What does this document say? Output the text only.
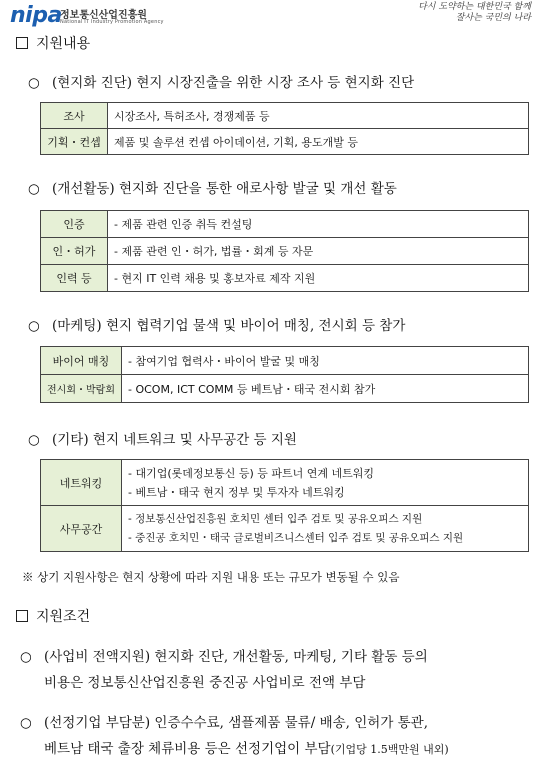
nipa
정보통신산업진흥원
National IT Industry Promotion Agency
다시 도약하는 대한민국 함께 잘사는 국민의 나라
지원내용
○ (현지화 진단) 현지 시장진출을 위한 시장 조사 등 현지화 진단
조사	시장조사, 특허조사, 경쟁제품 등
기획・컨셉	제품 및 솔루션 컨셉 아이데이션, 기획, 용도개발 등
○ (개선활동) 현지화 진단을 통한 애로사항 발굴 및 개선 활동
인증	- 제품 관련 인증 취득 컨설팅
인・허가	- 제품 관련 인・허가, 법률・회계 등 자문
인력 등	- 현지 IT 인력 채용 및 홍보자료 제작 지원
○ (마케팅) 현지 협력기업 물색 및 바이어 매칭, 전시회 등 참가
바이어 매칭	- 참여기업 협력사・바이어 발굴 및 매칭
전시회・박람회	- OCOM, ICT COMM 등 베트남・태국 전시회 참가
○ (기타) 현지 네트워크 및 사무공간 등 지원
네트워킹	- 대기업(롯데정보통신 등) 등 파트너 연계 네트워킹
- 베트남・태국 현지 정부 및 투자자 네트워킹

사무공간	- 정보통신산업진흥원 호치민 센터 입주 검토 및 공유오피스 지원
- 중진공 호치민・태국 글로벌비즈니스센터 입주 검토 및 공유오피스 지원
※ 상기 지원사항은 현지 상황에 따라 지원 내용 또는 규모가 변동될 수 있음
지원조건
○ (사업비 전액지원) 현지화 진단, 개선활동, 마케팅, 기타 활동 등의
비용은 정보통신산업진흥원 중진공 사업비로 전액 부담
○ (선정기업 부담분) 인증수수료, 샘플제품 물류/ 배송, 인허가 통관,
베트남 태국 출장 체류비용 등은 선정기업이 부담(기업당 1.5백만원 내외)
